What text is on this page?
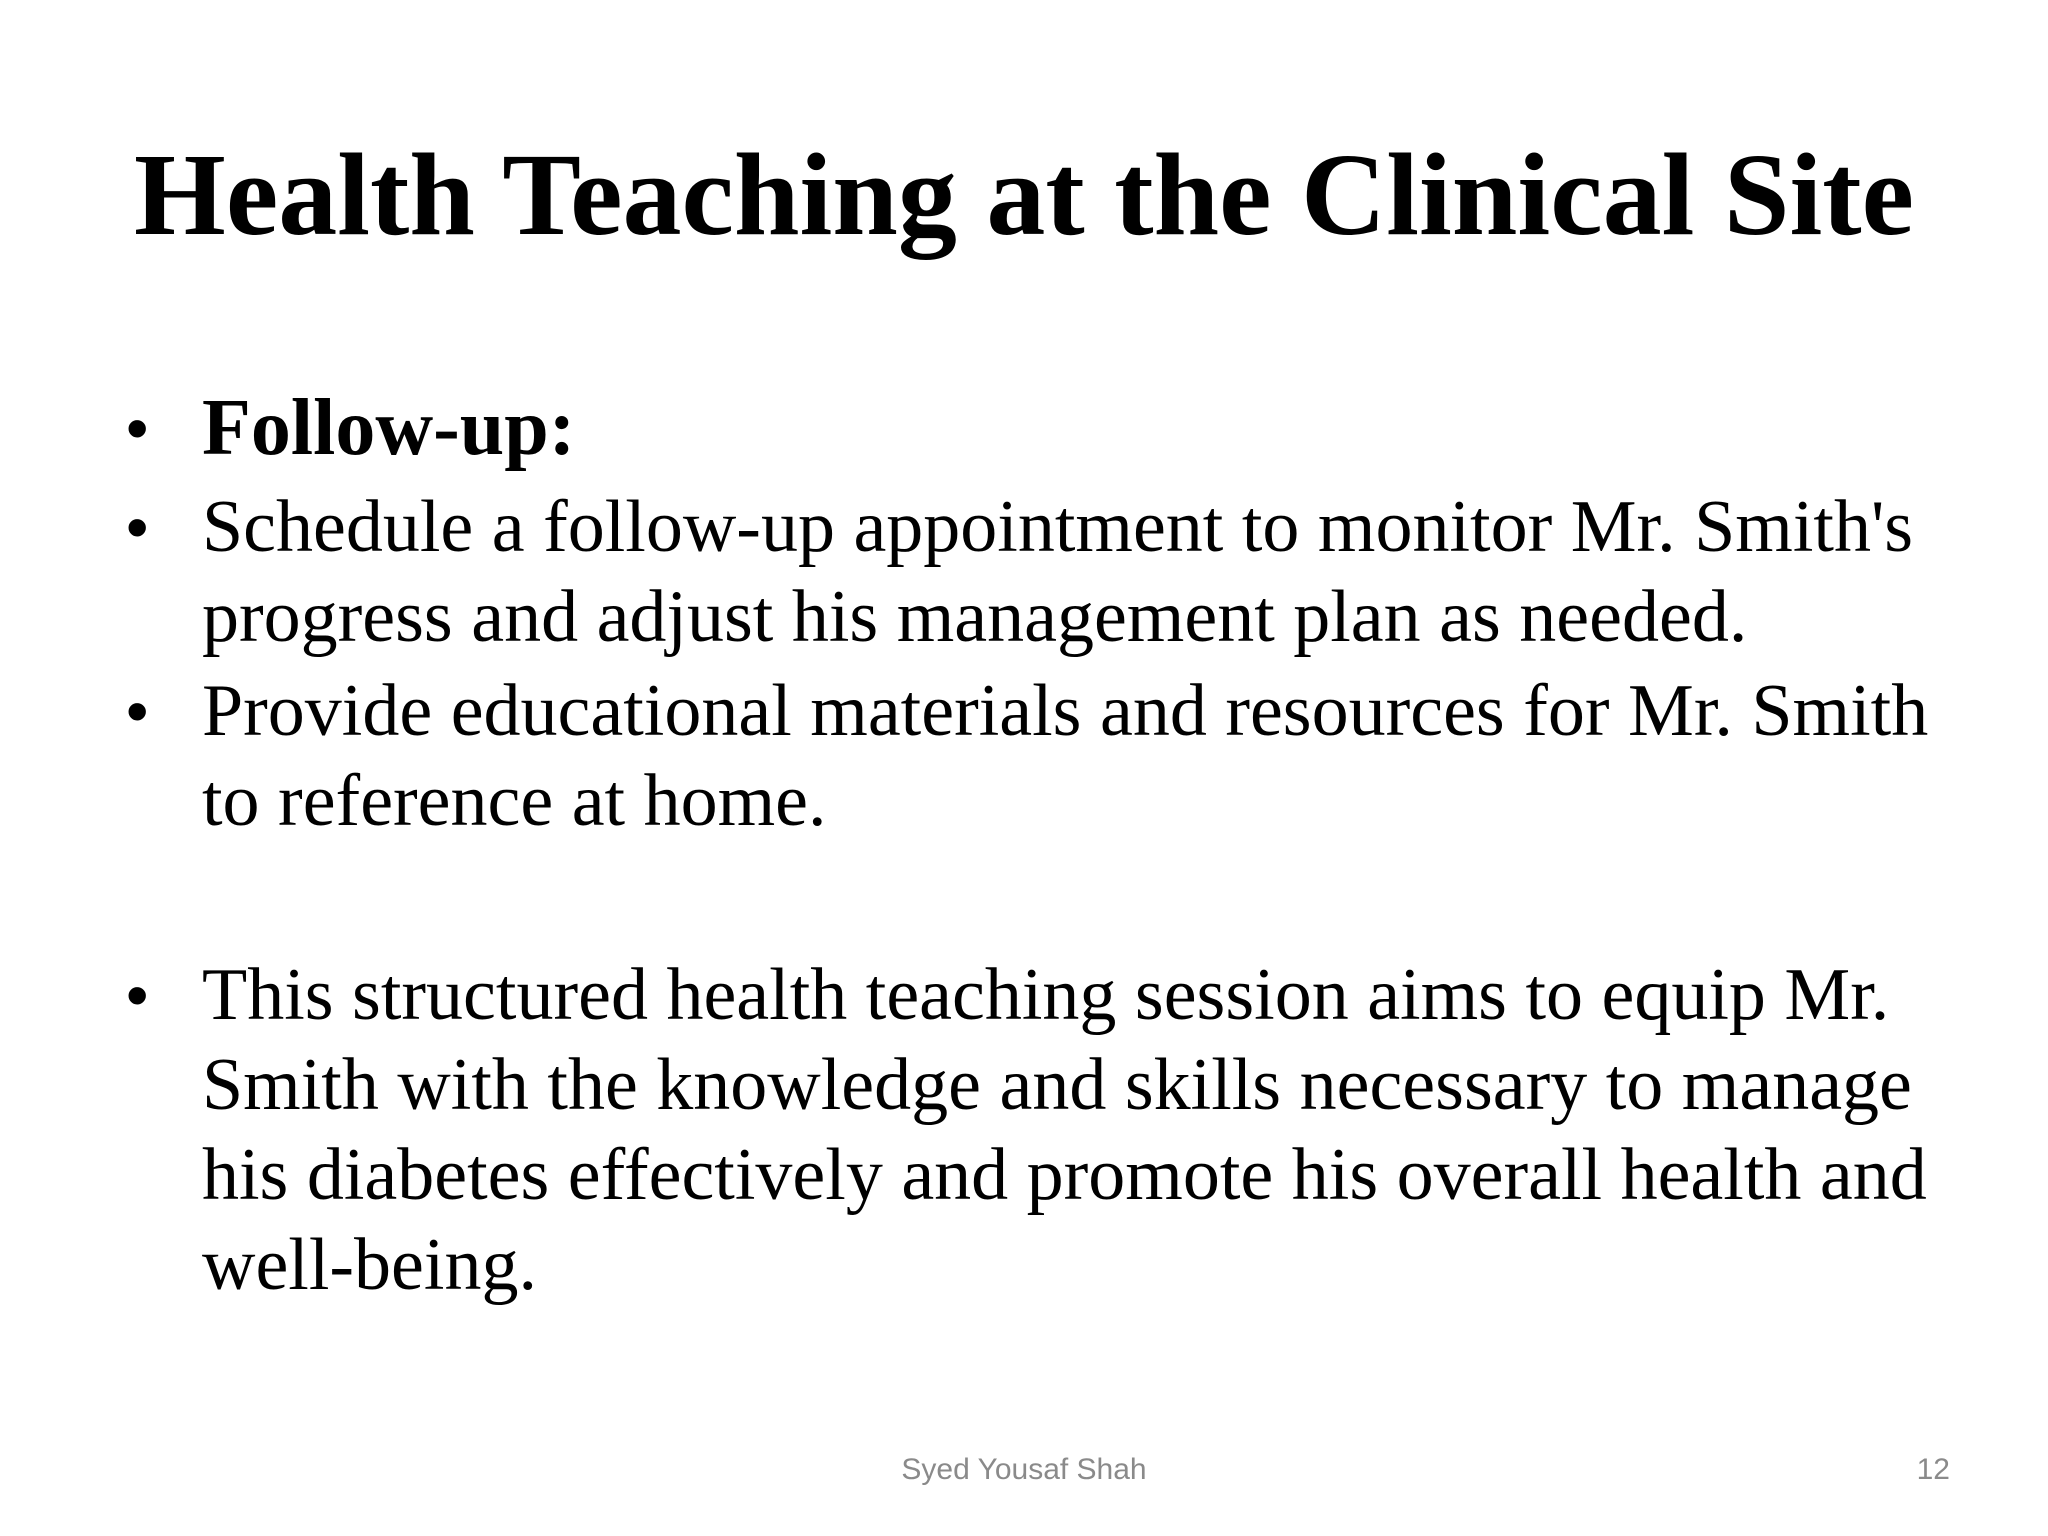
Health Teaching at the Clinical Site
• Follow-up:
• Schedule a follow-up appointment to monitor Mr. Smith's progress and adjust his management plan as needed.
• Provide educational materials and resources for Mr. Smith to reference at home.
• This structured health teaching session aims to equip Mr. Smith with the knowledge and skills necessary to manage his diabetes effectively and promote his overall health and well-being.
Syed Yousaf Shah	12
